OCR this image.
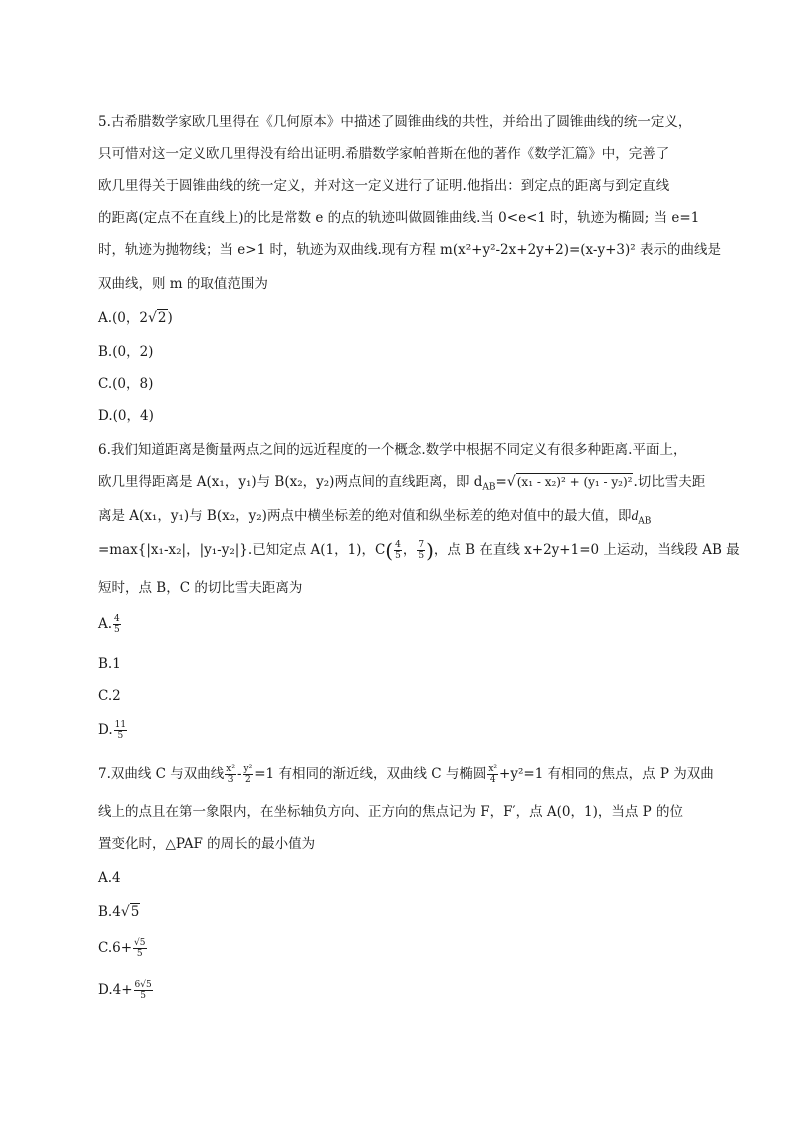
5.古希腊数学家欧几里得在《几何原本》中描述了圆锥曲线的共性，并给出了圆锥曲线的统一定义，
只可惜对这一定义欧几里得没有给出证明.希腊数学家帕普斯在他的著作《数学汇篇》中，完善了
欧几里得关于圆锥曲线的统一定义，并对这一定义进行了证明.他指出：到定点的距离与到定直线
的距离(定点不在直线上)的比是常数 e 的点的轨迹叫做圆锥曲线.当 0<e<1 时，轨迹为椭圆; 当 e=1
时，轨迹为抛物线；当 e>1 时，轨迹为双曲线.现有方程 m(x²+y²-2x+2y+2)=(x-y+3)² 表示的曲线是
双曲线，则 m 的取值范围为
A.(0，2√2)
B.(0，2)
C.(0，8)
D.(0，4)
6.我们知道距离是衡量两点之间的远近程度的一个概念.数学中根据不同定义有很多种距离.平面上，
欧几里得距离是 A(x₁，y₁)与 B(x₂，y₂)两点间的直线距离，即 $d_{AB}=√(x_1 - x_2)^2 + (y_1 - y_2)^2$.切比雪夫距
离是 A(x₁，y₁)与 B(x₂，y₂)两点中横坐标差的绝对值和纵坐标差的绝对值中的最大值，即$d_{AB}$
=max{|x₁-x₂|，|y₁-y₂|}.已知定点 A(1，1)，$C( \frac{4}{5}$ ， $\frac{7}{5}$ )，点 B 在直线 x+2y+1=0 上运动，当线段 AB 最
短时，点 B，C 的切比雪夫距离为
A. $\frac{4}{5}$
B.1
C.2
D. $\frac{11}{5}$
7.双曲线 C 与双曲线 $\frac{\text{x²}}{3} - \frac{\text{y²}}{2} =1$ 有相同的渐近线，双曲线 C 与椭圆 $\frac{\text{x²}}{4} +y^2=1$ 有相同的焦点，点 P 为双曲
线上的点且在第一象限内，在坐标轴负方向、正方向的焦点记为 F，F′，点 A(0，1)，当点 P 的位
置变化时，△PAF 的周长的最小值为
A.4
B.4√5
$C.6+ \frac{√5}{5}$
$D.4+ \frac{6√5}{5}$
